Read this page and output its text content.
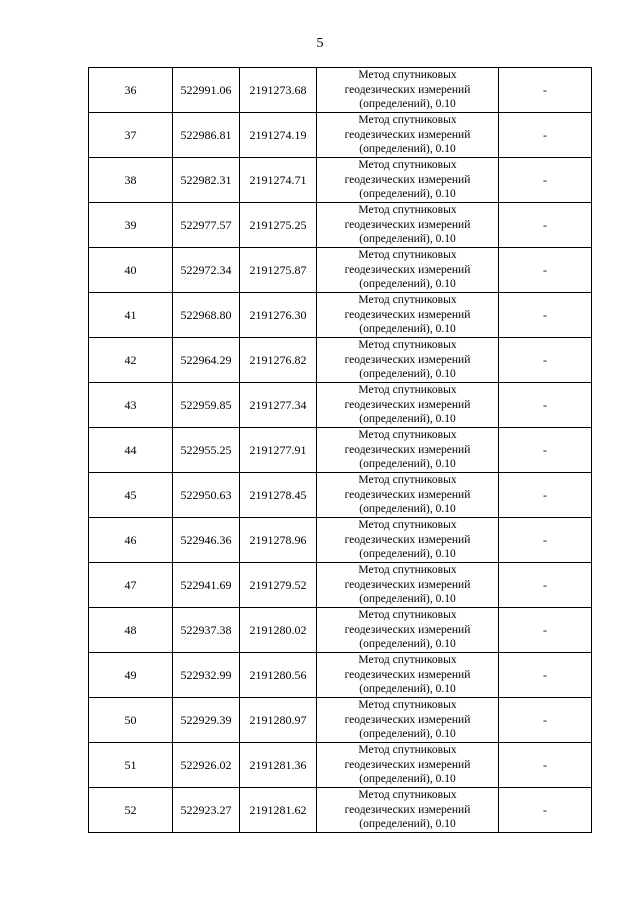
5
36	522991.06	2191273.68	Метод спутниковых
геодезических измерений
(определений), 0.10	-
37	522986.81	2191274.19	Метод спутниковых
геодезических измерений
(определений), 0.10	-
38	522982.31	2191274.71	Метод спутниковых
геодезических измерений
(определений), 0.10	-
39	522977.57	2191275.25	Метод спутниковых
геодезических измерений
(определений), 0.10	-
40	522972.34	2191275.87	Метод спутниковых
геодезических измерений
(определений), 0.10	-
41	522968.80	2191276.30	Метод спутниковых
геодезических измерений
(определений), 0.10	-
42	522964.29	2191276.82	Метод спутниковых
геодезических измерений
(определений), 0.10	-
43	522959.85	2191277.34	Метод спутниковых
геодезических измерений
(определений), 0.10	-
44	522955.25	2191277.91	Метод спутниковых
геодезических измерений
(определений), 0.10	-
45	522950.63	2191278.45	Метод спутниковых
геодезических измерений
(определений), 0.10	-
46	522946.36	2191278.96	Метод спутниковых
геодезических измерений
(определений), 0.10	-
47	522941.69	2191279.52	Метод спутниковых
геодезических измерений
(определений), 0.10	-
48	522937.38	2191280.02	Метод спутниковых
геодезических измерений
(определений), 0.10	-
49	522932.99	2191280.56	Метод спутниковых
геодезических измерений
(определений), 0.10	-
50	522929.39	2191280.97	Метод спутниковых
геодезических измерений
(определений), 0.10	-
51	522926.02	2191281.36	Метод спутниковых
геодезических измерений
(определений), 0.10	-
52	522923.27	2191281.62	Метод спутниковых
геодезических измерений
(определений), 0.10	-
